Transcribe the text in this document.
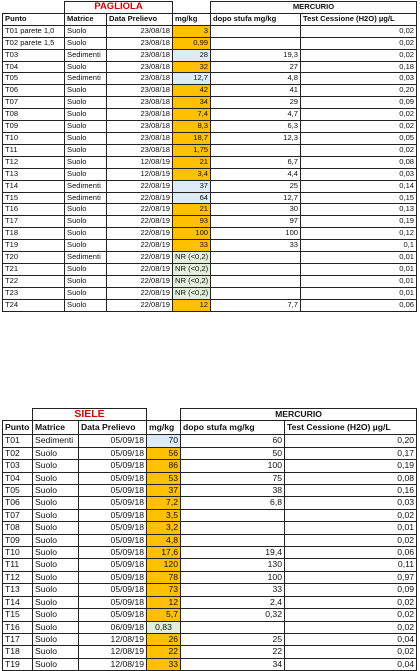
	PAGLIOLA			MERCURIO	
Punto	Matrice	Data Prelievo	mg/kg	dopo stufa mg/kg	Test Cessione (H2O) µg/L
T01 parete 1,0	Suolo	23/08/18	3		0,02
T02 parete 1,5	Suolo	23/08/18	0,99		0,02
T03	Sedimenti	23/08/18	28	19,3	0,02
T04	Suolo	23/08/18	32	27	0,18
T05	Sedimenti	23/08/18	12,7	4,8	0,03
T06	Suolo	23/08/18	42	41	0,20
T07	Suolo	23/08/18	34	29	0,09
T08	Suolo	23/08/18	7,4	4,7	0,02
T09	Suolo	23/08/18	8,3	6,3	0,02
T10	Suolo	23/08/18	18,7	12,3	0,05
T11	Suolo	23/08/18	1,75		0,02
T12	Suolo	12/08/19	21	6,7	0,08
T13	Suolo	12/08/19	3,4	4,4	0,03
T14	Sedimenti	22/08/19	37	25	0,14
T15	Sedimenti	22/08/19	64	12,7	0,15
T16	Suolo	22/08/19	21	30	0,13
T17	Suolo	22/08/19	93	97	0,19
T18	Suolo	22/08/19	100	100	0,12
T19	Suolo	22/08/19	33	33	0,1
T20	Sedimenti	22/08/19	NR (<0,2)		0,01
T21	Suolo	22/08/19	NR (<0,2)		0,01
T22	Suolo	22/08/19	NR (<0,2)		0,01
T23	Suolo	22/08/19	NR (<0,2)		0,01
T24	Suolo	22/08/19	12	7,7	0,06
	SIELE			MERCURIO	
Punto	Matrice	Data Prelievo	mg/kg	dopo stufa mg/kg	Test Cessione (H2O) µg/L
T01	Sedimenti	05/09/18	70	60	0,20
T02	Suolo	05/09/18	56	50	0,17
T03	Suolo	05/09/18	86	100	0,19
T04	Suolo	05/09/18	53	75	0,08
T05	Suolo	05/09/18	37	38	0,16
T06	Suolo	05/09/18	7,2	6,8	0,03
T07	Suolo	05/09/18	3,5		0,02
T08	Suolo	05/09/18	3,2		0,01
T09	Suolo	05/09/18	4,8		0,02
T10	Suolo	05/09/18	17,6	19,4	0,06
T11	Suolo	05/09/18	120	130	0,11
T12	Suolo	05/09/18	78	100	0,97
T13	Suolo	05/09/18	73	33	0,09
T14	Suolo	05/09/18	12	2,4	0,02
T15	Suolo	05/09/18	5,7	0,32	0,02
T16	Suolo	06/09/18	0,83		0,02
T17	Suolo	12/08/19	26	25	0,04
T18	Suolo	12/08/19	22	22	0,02
T19	Suolo	12/08/19	33	34	0,04
